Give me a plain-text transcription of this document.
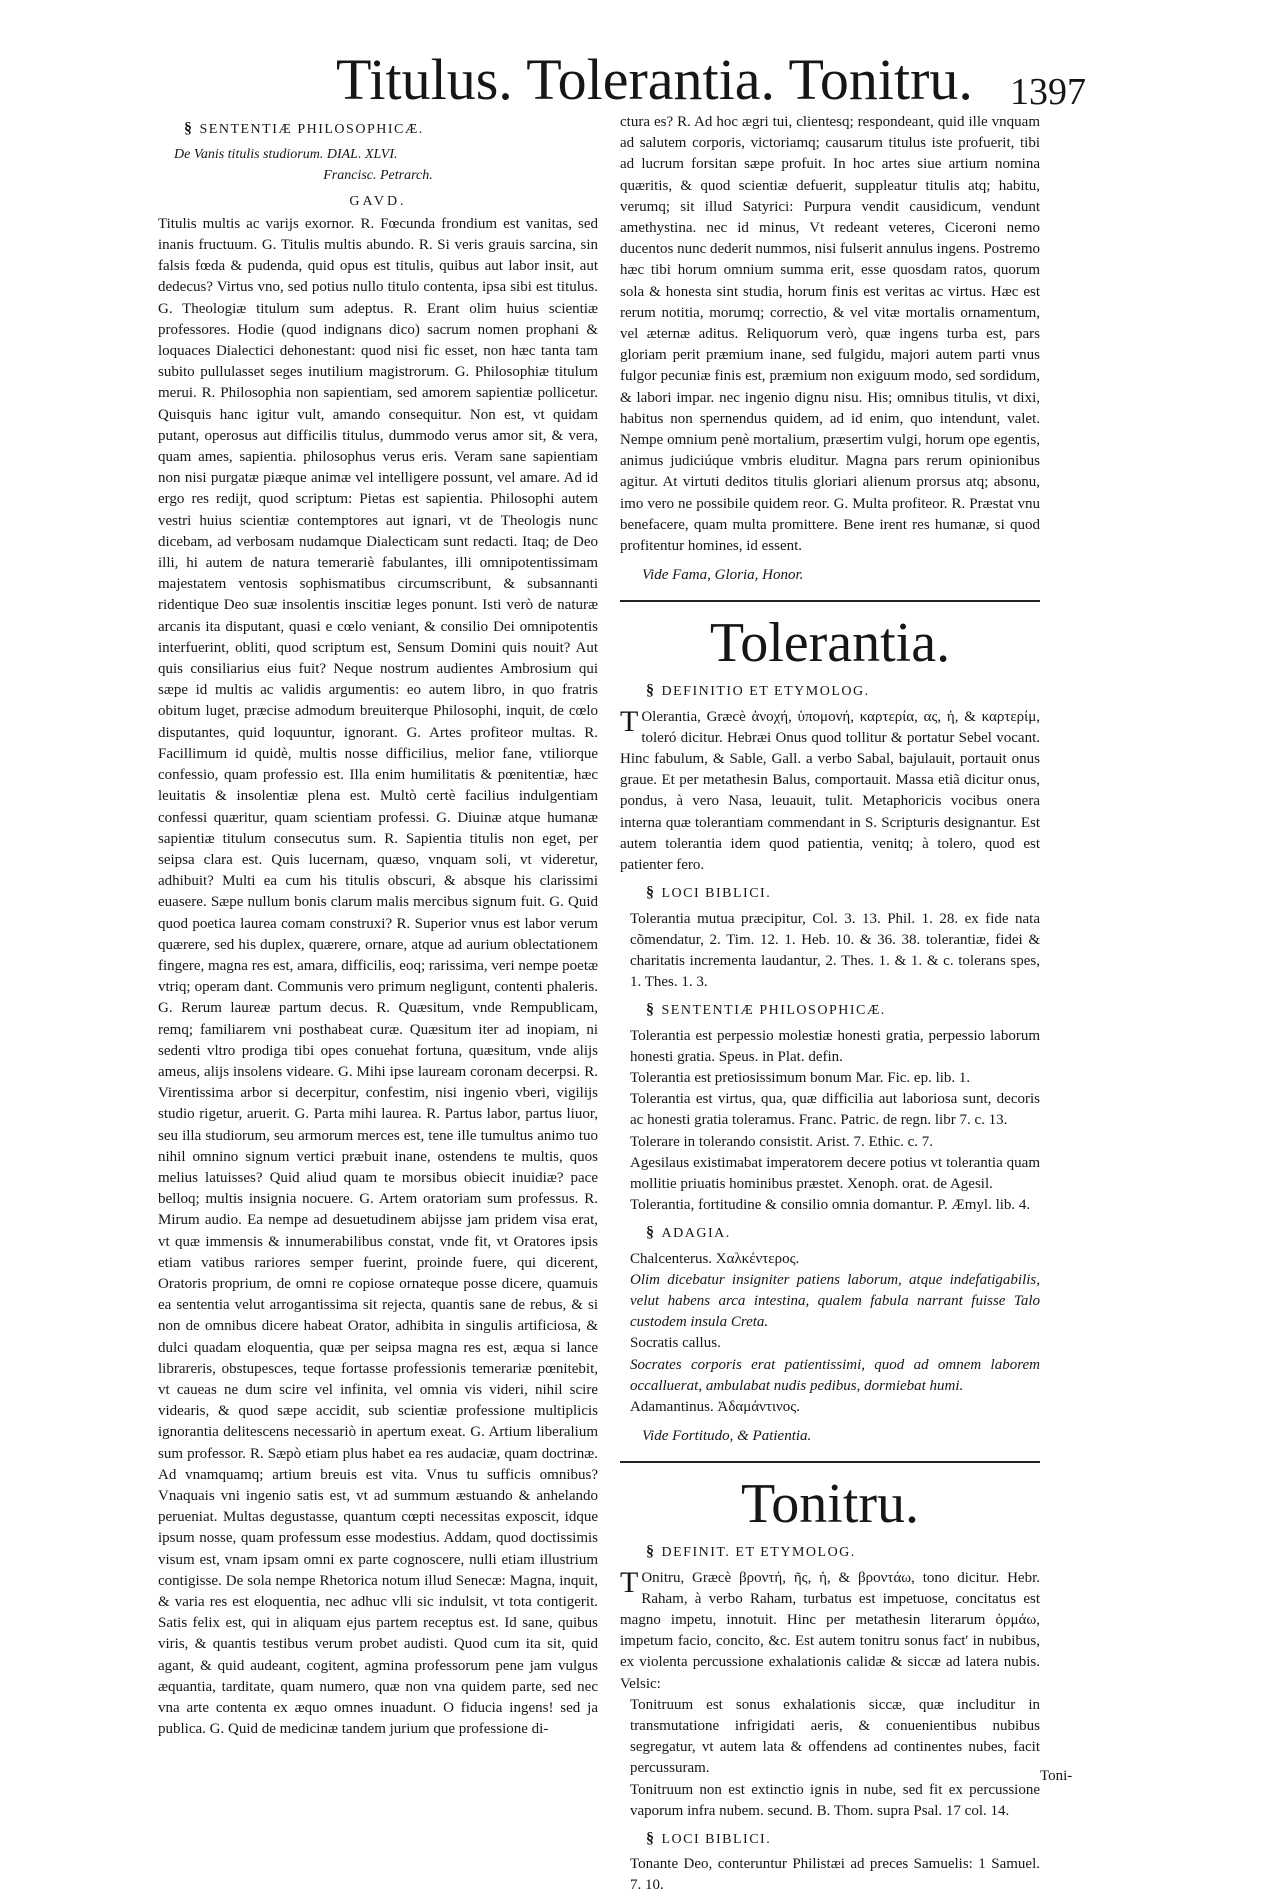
Titulus. Tolerantia. Tonitru. 1397
§ SENTENTIÆ PHILOSOPHICÆ.
De Vanis titulis studiorum. DIAL. XLVI.
Francisc. Petrarch.
GAVD.

Titulis multis ac varijs exornor. R. Fœcunda frondium est vanitas, sed inanis fructuum. G. Titulis multis abundo. R. Si veris grauis sarcina, sin falsis fœda & pudenda, quid opus est titulis, quibus aut labor insit, aut dedecus? Virtus vno, sed potius nullo titulo contenta, ipsa sibi est titulus. G. Theologiæ titulum sum adeptus. R. Erant olim huius scientiæ professores. Hodie (quod indignans dico) sacrum nomen prophani & loquaces Dialectici dehonestant: quod nisi fic esset, non hæc tanta tam subito pullulasset seges inutilium magistrorum. G. Philosophiæ titulum merui. R. Philosophia non sapientiam, sed amorem sapientiæ pollicetur. Quisquis hanc igitur vult, amando consequitur. Non est, vt quidam putant, operosus aut difficilis titulus, dummodo verus amor sit, & vera, quam ames, sapientia. philosophus verus eris. Veram sane sapientiam non nisi purgatæ piæque animæ vel intelligere possunt, vel amare. Ad id ergo res redijt, quod scriptum: Pietas est sapientia. Philosophi autem vestri huius scientiæ contemptores aut ignari, vt de Theologis nunc dicebam, ad verbosam nudamque Dialecticam sunt redacti. Itaq; de Deo illi, hi autem de natura temerariè fabulantes, illi omnipotentissimam majestatem ventosis sophismatibus circumscribunt, & subsannanti ridentique Deo suæ insolentis inscitiæ leges ponunt. Isti verò de naturæ arcanis ita disputant, quasi e cœlo veniant, & consilio Dei omnipotentis interfuerint, obliti, quod scriptum est, Sensum Domini quis nouit? Aut quis consiliarius eius fuit? Neque nostrum audientes Ambrosium qui sæpe id multis ac validis argumentis: eo autem libro, in quo fratris obitum luget, præcise admodum breuiterque Philosophi, inquit, de cœlo disputantes, quid loquuntur, ignorant. G. Artes profiteor multas. R. Facillimum id quidè, multis nosse difficilius, melior fane, vtiliorque confessio, quam professio est. Illa enim humilitatis & pœnitentiæ, hæc leuitatis & insolentiæ plena est. Multò certè facilius indulgentiam confessi quæritur, quam scientiam professi. G. Diuinæ atque humanæ sapientiæ titulum consecutus sum. R. Sapientia titulis non eget, per seipsa clara est. Quis lucernam, quæso, vnquam soli, vt videretur, adhibuit? Multi ea cum his titulis obscuri, & absque his clarissimi euasere. Sæpe nullum bonis clarum malis mercibus signum fuit. G. Quid quod poetica laurea comam construxi? R. Superior vnus est labor verum quærere, sed his duplex, quærere, ornare, atque ad aurium oblectationem fingere, magna res est, amara, difficilis, eoq; rarissima, veri nempe poetæ vtriq; operam dant. Communis vero primum negligunt, contenti phaleris. G. Rerum laureæ partum decus. R. Quæsitum, vnde Rempublicam, remq; familiarem vni posthabeat curæ. Quæsitum iter ad inopiam, ni sedenti vltro prodiga tibi opes conuehat fortuna, quæsitum, vnde alijs ameus, alijs insolens videare. G. Mihi ipse lauream coronam decerpsi. R. Virentissima arbor si decerpitur, confestim, nisi ingenio vberi, vigilijs studio rigetur, aruerit. G. Parta mihi laurea. R. Partus labor, partus liuor, seu illa studiorum, seu armorum merces est, tene ille tumultus animo tuo nihil omnino signum vertici præbuit inane, ostendens te multis, quos melius latuisses? Quid aliud quam te morsibus obiecit inuidiæ? pace belloq; multis insignia nocuere. G. Artem oratoriam sum professus. R. Mirum audio. Ea nempe ad desuetudinem abijsse jam pridem visa erat, vt quæ immensis & innumerabilibus constat, vnde fit, vt Oratores ipsis etiam vatibus rariores semper fuerint, proinde fuere, qui dicerent, Oratoris proprium, de omni re copiose ornateque posse dicere, quamuis ea sententia velut arrogantissima sit rejecta, quantis sane de rebus, & si non de omnibus dicere habeat Orator, adhibita in singulis artificiosa, & dulci quadam eloquentia, quæ per seipsa magna res est, æqua si lance librareris, obstupesces, teque fortasse professionis temerariæ pœnitebit, vt caueas ne dum scire vel infinita, vel omnia vis videri, nihil scire videaris, & quod sæpe accidit, sub scientiæ professione multiplicis ignorantia delitescens necessariò in apertum exeat. G. Artium liberalium sum professor. R. Sæpò etiam plus habet ea res audaciæ, quam doctrinæ. Ad vnamquamq; artium breuis est vita. Vnus tu sufficis omnibus? Vnaquais vni ingenio satis est, vt ad summum æstuando & anhelando perueniat. Multas degustasse, quantum cœpti necessitas exposcit, idque ipsum nosse, quam professum esse modestius. Addam, quod doctissimis visum est, vnam ipsam omni ex parte cognoscere, nulli etiam illustrium contigisse. De sola nempe Rhetorica notum illud Senecæ: Magna, inquit, & varia res est eloquentia, nec adhuc vlli sic indulsit, vt tota contigerit. Satis felix est, qui in aliquam ejus partem receptus est. Id sane, quibus viris, & quantis testibus verum probet audisti. Quod cum ita sit, quid agant, & quid audeant, cogitent, agmina professorum pene jam vulgus æquantia, tarditate, quam numero, quæ non vna quidem parte, sed nec vna arte contenta ex æquo omnes inuadunt. O fiducia ingens! sed ja publica. G. Quid de medicinæ tandem jurium que professione di-

ctura es? R. Ad hoc ægri tui, clientesq; respondeant, quid ille vnquam ad salutem corporis, victoriamq; causarum titulus iste profuerit, tibi ad lucrum forsitan sæpe profuit. In hoc artes siue artium nomina quæritis, & quod scientiæ defuerit, suppleatur titulis atq; habitu, verumq; sit illud Satyrici: Purpura vendit causidicum, vendunt amethystina. nec id minus, Vt redeant veteres, Ciceroni nemo ducentos nunc dederit nummos, nisi fulserit annulus ingens. Postremo hæc tibi horum omnium summa erit, esse quosdam ratos, quorum sola & honesta sint studia, horum finis est veritas ac virtus. Hæc est rerum notitia, morumq; correctio, & vel vitæ mortalis ornamentum, vel æternæ aditus. Reliquorum verò, quæ ingens turba est, pars gloriam perit præmium inane, sed fulgidu, majori autem parti vnus fulgor pecuniæ finis est, præmium non exiguum modo, sed sordidum, & labori impar. nec ingenio dignu nisu. His; omnibus titulis, vt dixi, habitus non spernendus quidem, ad id enim, quo intendunt, valet. Nempe omnium penè mortalium, præsertim vulgi, horum ope egentis, animus judiciúque vmbris eluditur. Magna pars rerum opinionibus agitur. At virtuti deditos titulis gloriari alienum prorsus atq; absonu, imo vero ne possibile quidem reor. G. Multa profiteor. R. Præstat vnu benefacere, quam multa promittere. Bene irent res humanæ, si quod profitentur homines, id essent.

Vide Fama, Gloria, Honor.

Tolerantia.
§ DEFINITIO ET ETYMOLOG.

T Olerantia, Græcè ἀνοχή, ὑπομονή, καρτερία, ας, ἡ, & καρτερίμ, toleró dicitur. Hebræi Onus quod tollitur & portatur Sebel vocant. Hinc fabulum, & Sable, Gall. a verbo Sabal, bajulauit, portauit onus graue. Et per metathesin Balus, comportauit. Massa etiã dicitur onus, pondus, à vero Nasa, leuauit, tulit. Metaphoricis vocibus onera interna quæ tolerantiam commendant in S. Scripturis designantur. Est autem tolerantia idem quod patientia, venitq; à tolero, quod est patienter fero.

§ LOCI BIBLICI.

Tolerantia mutua præcipitur, Col. 3. 13. Phil. 1. 28. ex fide nata cõmendatur, 2. Tim. 12. 1. Heb. 10. & 36. 38. tolerantiæ, fidei & charitatis incrementa laudantur, 2. Thes. 1. & 1. & c. tolerans spes, 1. Thes. 1. 3.

§ SENTENTIÆ PHILOSOPHICÆ.

Tolerantia est perpessio molestiæ honesti gratia, perpessio laborum honesti gratia. Speus. in Plat. defin.

Tolerantia est pretiosissimum bonum Mar. Fic. ep. lib. 1.

Tolerantia est virtus, qua, quæ difficilia aut laboriosa sunt, decoris ac honesti gratia toleramus. Franc. Patric. de regn. libr 7. c. 13.

Tolerare in tolerando consistit. Arist. 7. Ethic. c. 7.

Agesilaus existimabat imperatorem decere potius vt tolerantia quam mollitie priuatis hominibus præstet. Xenoph. orat. de Agesil.

Tolerantia, fortitudine & consilio omnia domantur. P. Æmyl. lib. 4.

§ ADAGIA.

Chalcenterus. Χαλκέντερος.

Olim dicebatur insigniter patiens laborum, atque indefatigabilis, velut habens arca intestina, qualem fabula narrant fuisse Talo custodem insula Creta.

Socratis callus.

Socrates corporis erat patientissimi, quod ad omnem laborem occalluerat, ambulabat nudis pedibus, dormiebat humi.

Adamantinus. Ἀδαμάντινος.

Vide Fortitudo, & Patientia.

Tonitru.
§ DEFINIT. ET ETYMOLOG.

T Onitru, Græcè βροντή, ῆς, ἡ, & βροντάω, tono dicitur. Hebr. Raham, à verbo Raham, turbatus est impetuose, concitatus est magno impetu, innotuit. Hinc per metathesin literarum ὁρμάω, impetum facio, concito, &c. Est autem tonitru sonus fact' in nubibus, ex violenta percussione exhalationis calidæ & siccæ ad latera nubis. Velsic:

Tonitruum est sonus exhalationis siccæ, quæ includitur in transmutatione infrigidati aeris, & conuenientibus nubibus segregatur, vt autem lata & offendens ad continentes nubes, facit percussuram.

Tonitruum non est extinctio ignis in nube, sed fit ex percussione vaporum infra nubem. secund. B. Thom. supra Psal. 17 col. 14.

§ LOCI BIBLICI.

Tonante Deo, conteruntur Philistæi ad preces Samuelis: 1 Samuel. 7. 10.

Toni-
